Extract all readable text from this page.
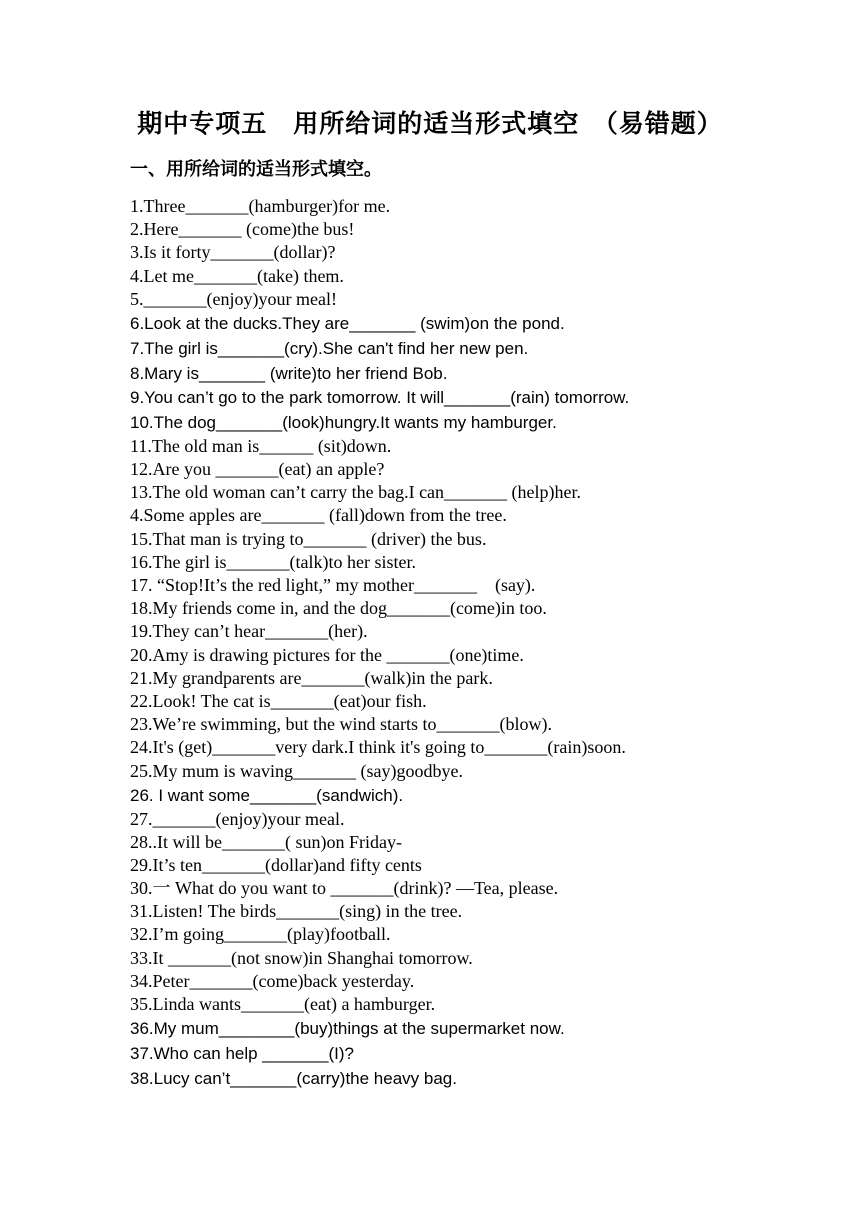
期中专项五　用所给词的适当形式填空　（易错题）
一、用所给词的适当形式填空。
1.Three_______(hamburger)for me.
2.Here_______ (come)the bus!
3.Is it forty_______(dollar)?
4.Let me_______(take) them.
5._______(enjoy)your meal!
6.Look at the ducks.They are_______ (swim)on the pond.
7.The girl is_______(cry).She can't find her new pen.
8.Mary is_______ (write)to her friend Bob.
9.You can’t go to the park tomorrow. It will_______(rain) tomorrow.
10.The dog_______(look)hungry.It wants my hamburger.
11.The old man is______ (sit)down.
12.Are you _______(eat) an apple?
13.The old woman can’t carry the bag.I can_______ (help)her.
4.Some apples are_______ (fall)down from the tree.
15.That man is trying to_______ (driver) the bus.
16.The girl is_______(talk)to her sister.
17. “Stop!It’s the red light,” my mother_______    (say).
18.My friends come in, and the dog_______(come)in too.
19.They can’t hear_______(her).
20.Amy is drawing pictures for the _______(one)time.
21.My grandparents are_______(walk)in the park.
22.Look! The cat is_______(eat)our fish.
23.We’re swimming, but the wind starts to_______(blow).
24.It's (get)_______very dark.I think it's going to_______(rain)soon.
25.My mum is waving_______ (say)goodbye.
26. I want some_______(sandwich).
27._______(enjoy)your meal.
28..It will be_______( sun)on Friday-
29.It’s ten_______(dollar)and fifty cents
30.一 What do you want to _______(drink)? —Tea, please.
31.Listen! The birds_______(sing) in the tree.
32.I’m going_______(play)football.
33.It _______(not snow)in Shanghai tomorrow.
34.Peter_______(come)back yesterday.
35.Linda wants_______(eat) a hamburger.
36.My mum________(buy)things at the supermarket now.
37.Who can help _______(I)?
38.Lucy can’t_______(carry)the heavy bag.
